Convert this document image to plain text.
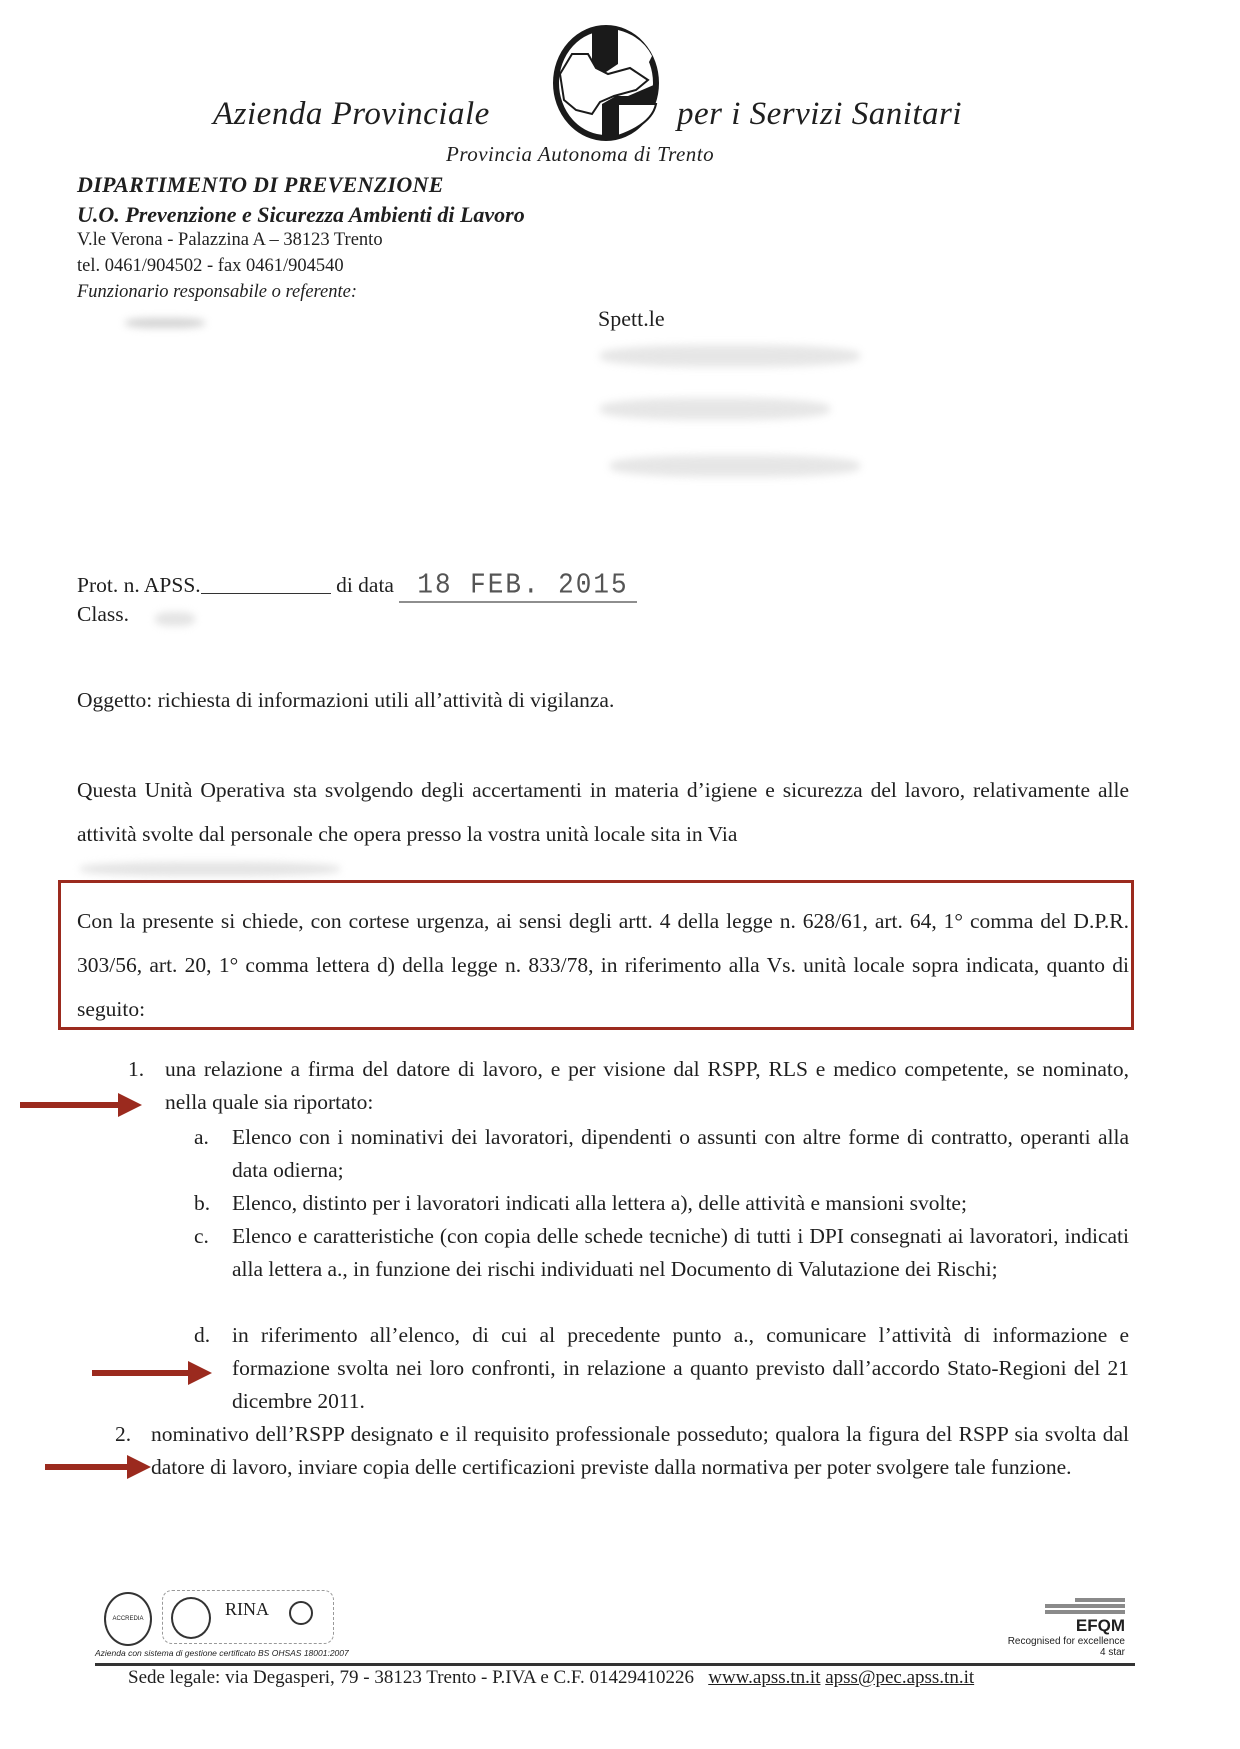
Azienda Provinciale	per i Servizi Sanitari
Provincia Autonoma di Trento
DIPARTIMENTO DI PREVENZIONE
U.O. Prevenzione e Sicurezza Ambienti di Lavoro
V.le Verona - Palazzina A – 38123 Trento
tel. 0461/904502 - fax 0461/904540
Funzionario responsabile o referente:
Spett.le
Prot. n. APSS.	di data 18 FEB. 2015
Class.
Oggetto: richiesta di informazioni utili all’attività di vigilanza.
Questa Unità Operativa sta svolgendo degli accertamenti in materia d’igiene e sicurezza del lavoro, relativamente alle attività svolte dal personale che opera presso la vostra unità locale sita in Via
Con la presente si chiede, con cortese urgenza, ai sensi degli artt. 4 della legge n. 628/61, art. 64, 1° comma del D.P.R. 303/56, art. 20, 1° comma lettera d) della legge n. 833/78, in riferimento alla Vs. unità locale sopra indicata, quanto di seguito:
1. una relazione a firma del datore di lavoro, e per visione dal RSPP, RLS e medico competente, se nominato, nella quale sia riportato:
a. Elenco con i nominativi dei lavoratori, dipendenti o assunti con altre forme di contratto, operanti alla data odierna;
b. Elenco, distinto per i lavoratori indicati alla lettera a), delle attività e mansioni svolte;
c. Elenco e caratteristiche (con copia delle schede tecniche) di tutti i DPI consegnati ai lavoratori, indicati alla lettera a., in funzione dei rischi individuati nel Documento di Valutazione dei Rischi;
d. in riferimento all’elenco, di cui al precedente punto a., comunicare l’attività di informazione e formazione svolta nei loro confronti, in relazione a quanto previsto dall’accordo Stato-Regioni del 21 dicembre 2011.
2. nominativo dell’RSPP designato e il requisito professionale posseduto; qualora la figura del RSPP sia svolta dal datore di lavoro, inviare copia delle certificazioni previste dalla normativa per poter svolgere tale funzione.
ACCREDIA	RINA
Azienda con sistema di gestione certificato BS OHSAS 18001:2007
EFQM
Recognised for excellence
4 star
Sede legale: via Degasperi, 79 - 38123 Trento - P.IVA e C.F. 01429410226 www.apss.tn.it apss@pec.apss.tn.it
